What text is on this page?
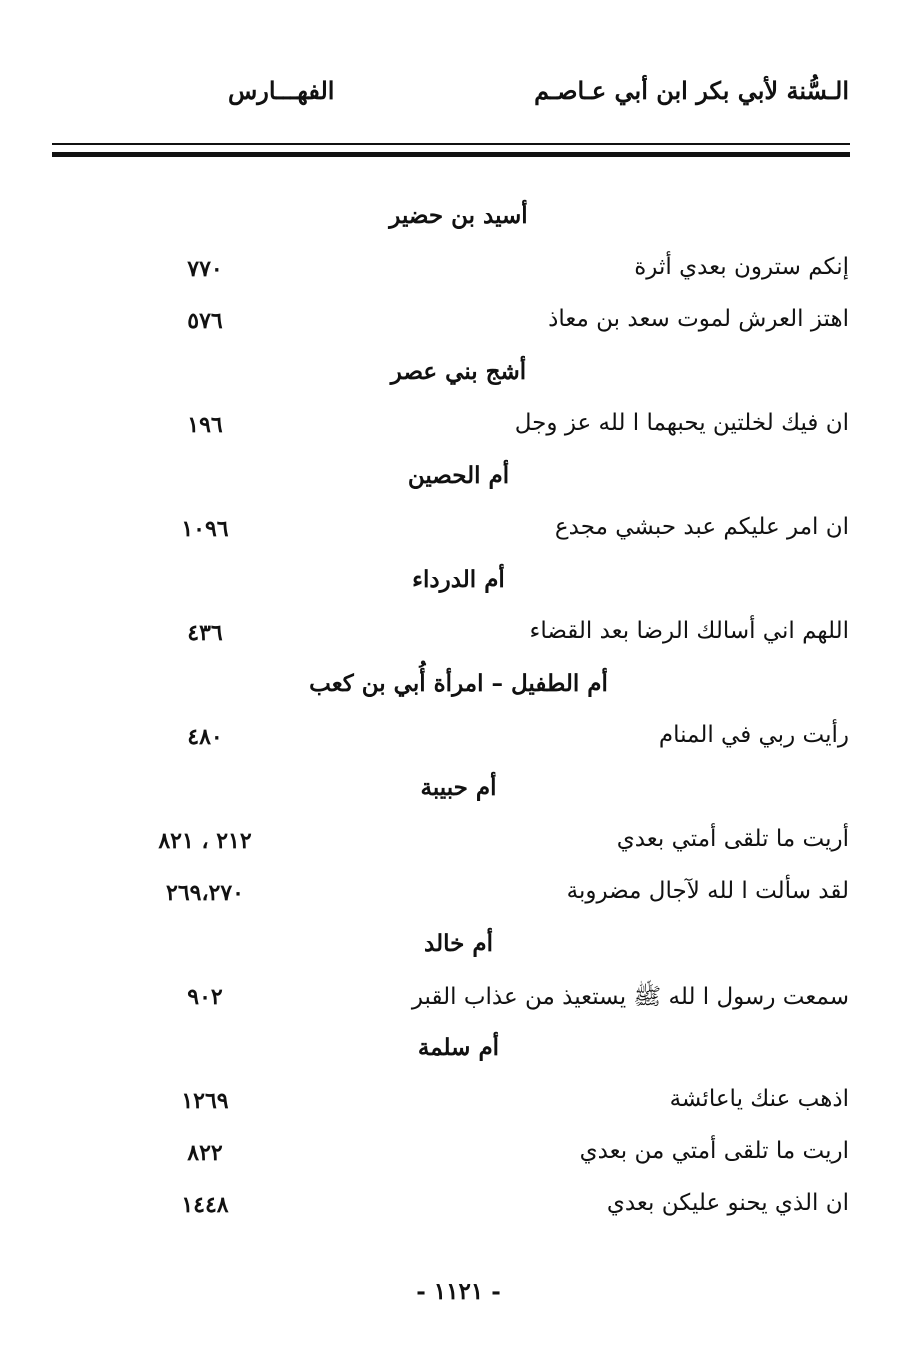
الـسُّنة لأبي بكر ابن أبي عـاصـم
الفهـــارس
أسيد بن حضير
إنكم سترون بعدي أثرة
٧٧٠
اهتز العرش لموت سعد بن معاذ
٥٧٦
أشج بني عصر
ان فيك لخلتين يحبهما ا لله عز وجل
١٩٦
أم الحصين
ان امر عليكم عبد حبشي مجدع
١٠٩٦
أم الدرداء
اللهم اني أسالك الرضا بعد القضاء
٤٣٦
أم الطفيل – امرأة أُبي بن كعب
رأيت ربي في المنام
٤٨٠
أم حبيبة
أريت ما تلقى أمتي بعدي
٢١٢ ، ٨٢١
لقد سألت ا لله لآجال مضروبة
٢٦٩،٢٧٠
أم خالد
سمعت رسول ا لله ﷺ يستعيذ من عذاب القبر
٩٠٢
أم سلمة
اذهب عنك ياعائشة
١٢٦٩
اريت ما تلقى أمتي من بعدي
٨٢٢
ان الذي يحنو عليكن بعدي
١٤٤٨
- ١١٢١ -
